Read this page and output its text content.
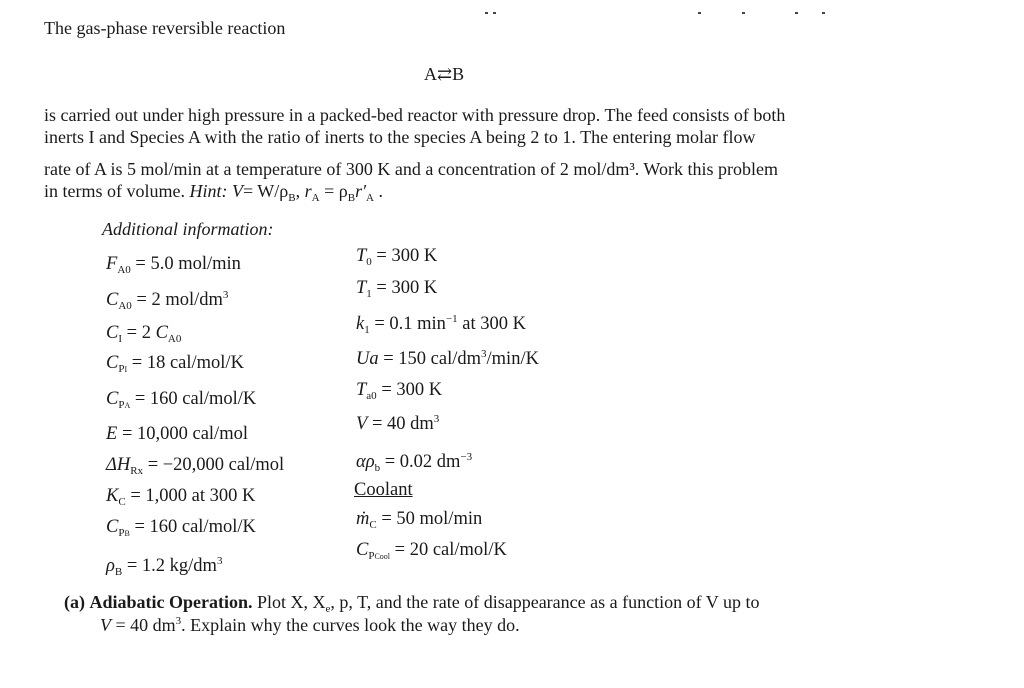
The gas-phase reversible reaction
A⇄B
is carried out under high pressure in a packed-bed reactor with pressure drop. The feed consists of both
inerts I and Species A with the ratio of inerts to the species A being 2 to 1. The entering molar flow
rate of A is 5 mol/min at a temperature of 300 K and a concentration of 2 mol/dm³. Work this problem
in terms of volume. Hint: $V= W/\rho_B$, $r_A = \rho_Br'_A$ .
Additional information:
$F_{A0} = 5.0$ mol/min
$C_{A0} = 2$ mol/$dm^3$
$C_I = 2$ $C_{A0}$
$C_{PI} = 18$ cal/mol/K
$C_{PA} = 160$ cal/mol/K
E = 10,000 cal/mol
$\Delta H_{Rx} = -20,000$ cal/mol
$K_C = 1,000$ at 300 K
$C_{PB} = 160$ cal/mol/K
$\rho_B = 1.2$ $kg/dm^3$
$T_0 = 300$ K
$T_1 = 300$ K
$k_1 = 0.1$ $\min^{-1}$ at 300 K
Ua = 150 cal/$dm^3/\min/K$
$T_{a0} = 300$ K
V = 40 $dm^3$
$\alpha\rho_b = 0.02$ $dm^{-3}$
Coolant
ṁ$_C$ = 50 mol/min
$C_{PCool} = 20$ cal/mol/K
(a) Adiabatic Operation. Plot X, $X_e$, p, T, and the rate of disappearance as a function of V up to
V = 40 $dm^3$. Explain why the curves look the way they do.
